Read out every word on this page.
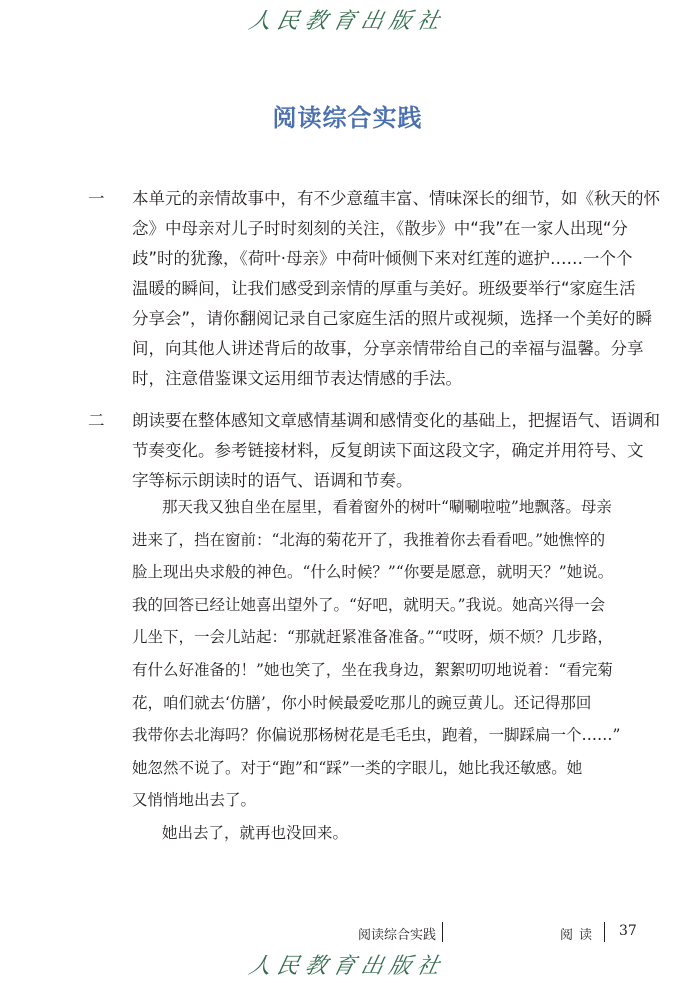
人民教育出版社
阅读综合实践
一 本单元的亲情故事中，有不少意蕴丰富、情味深长的细节，如《秋天的怀
念》中母亲对儿子时时刻刻的关注，《散步》中“我”在一家人出现“分
歧”时的犹豫，《荷叶·母亲》中荷叶倾侧下来对红莲的遮护……一个个
温暖的瞬间，让我们感受到亲情的厚重与美好。班级要举行“家庭生活
分享会”，请你翻阅记录自己家庭生活的照片或视频，选择一个美好的瞬
间，向其他人讲述背后的故事，分享亲情带给自己的幸福与温馨。分享
时，注意借鉴课文运用细节表达情感的手法。
二 朗读要在整体感知文章感情基调和感情变化的基础上，把握语气、语调和
节奏变化。参考链接材料，反复朗读下面这段文字，确定并用符号、文
字等标示朗读时的语气、语调和节奏。
那天我又独自坐在屋里，看着窗外的树叶“唰唰啦啦”地飘落。母亲
进来了，挡在窗前：“北海的菊花开了，我推着你去看看吧。”她憔悴的
脸上现出央求般的神色。“什么时候？”“你要是愿意，就明天？”她说。
我的回答已经让她喜出望外了。“好吧，就明天。”我说。她高兴得一会
儿坐下，一会儿站起：“那就赶紧准备准备。”“哎呀，烦不烦？几步路，
有什么好准备的！”她也笑了，坐在我身边，絮絮叨叨地说着：“看完菊
花，咱们就去‘仿膳’，你小时候最爱吃那儿的豌豆黄儿。还记得那回
我带你去北海吗？你偏说那杨树花是毛毛虫，跑着，一脚踩扁一个……”
她忽然不说了。对于“跑”和“踩”一类的字眼儿，她比我还敏感。她
又悄悄地出去了。
她出去了，就再也没回来。
阅读综合实践	阅读 37
人民教育出版社
